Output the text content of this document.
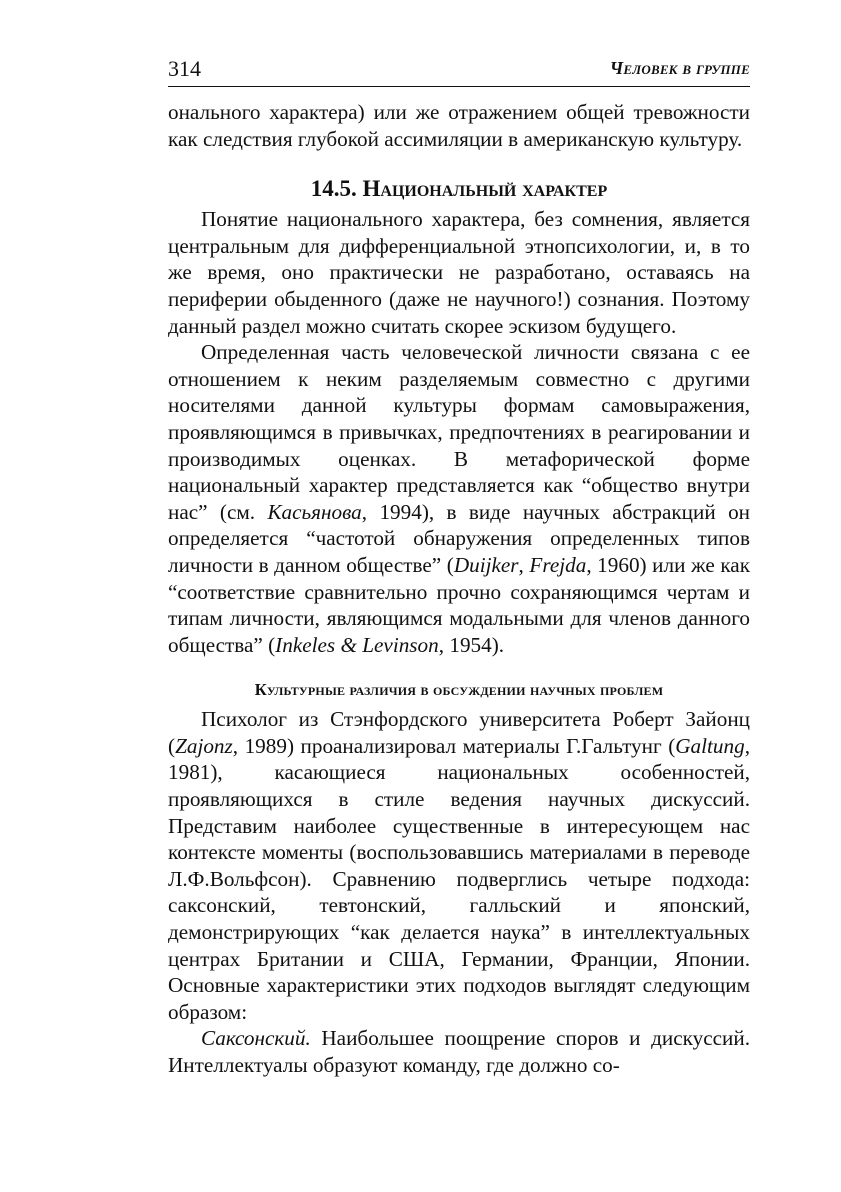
314	Человек в группе

онального характера) или же отражением общей тревожности как следствия глубокой ассимиляции в американскую культуру.

14.5. Национальный характер

Понятие национального характера, без сомнения, является центральным для дифференциальной этнопсихологии, и, в то же время, оно практически не разработано, оставаясь на периферии обыденного (даже не научного!) сознания. Поэтому данный раздел можно считать скорее эскизом будущего.

Определенная часть человеческой личности связана с ее отношением к неким разделяемым совместно с другими носителями данной культуры формам самовыражения, проявляющимся в привычках, предпочтениях в реагировании и производимых оценках. В метафорической форме национальный характер представляется как “общество внутри нас” (см. Касьянова, 1994), в виде научных абстракций он определяется “частотой обнаружения определенных типов личности в данном обществе” (Duijker, Frejda, 1960) или же как “соответствие сравнительно прочно сохраняющимся чертам и типам личности, являющимся модальными для членов данного общества” (Inkeles & Levinson, 1954).

Культурные различия в обсуждении научных проблем

Психолог из Стэнфордского университета Роберт Зайонц (Zajonz, 1989) проанализировал материалы Г.Гальтунг (Galtung, 1981), касающиеся национальных особенностей, проявляющихся в стиле ведения научных дискуссий. Представим наиболее существенные в интересующем нас контексте моменты (воспользовавшись материалами в переводе Л.Ф.Вольфсон). Сравнению подверглись четыре подхода: саксонский, тевтонский, галльский и японский, демонстрирующих “как делается наука” в интеллектуальных центрах Британии и США, Германии, Франции, Японии. Основные характеристики этих подходов выглядят следующим образом:

Саксонский. Наибольшее поощрение споров и дискуссий. Интеллектуалы образуют команду, где должно со-
